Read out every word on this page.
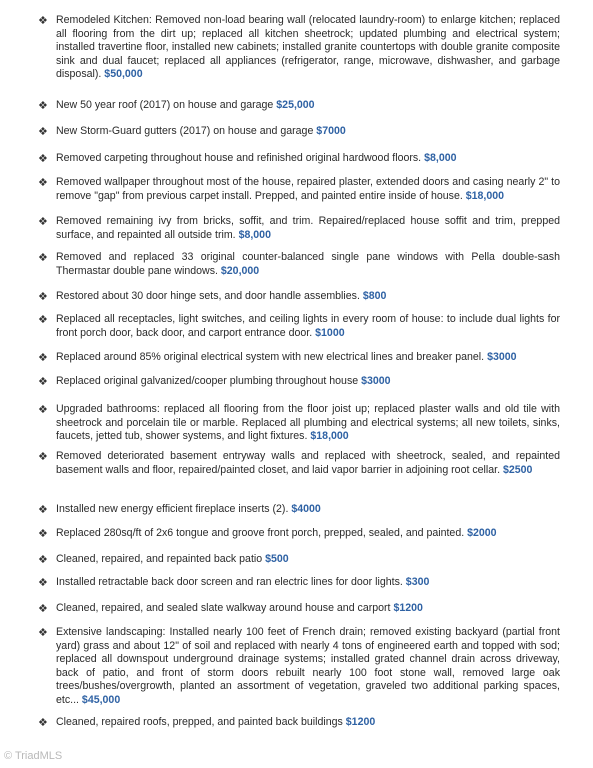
❖ Remodeled Kitchen: Removed non-load bearing wall (relocated laundry-room) to enlarge kitchen; replaced all flooring from the dirt up; replaced all kitchen sheetrock; updated plumbing and electrical system; installed travertine floor, installed new cabinets; installed granite countertops with double granite composite sink and dual faucet; replaced all appliances (refrigerator, range, microwave, dishwasher, and garbage disposal). $50,000
❖ New 50 year roof (2017) on house and garage $25,000
❖ New Storm-Guard gutters (2017) on house and garage $7000
❖ Removed carpeting throughout house and refinished original hardwood floors. $8,000
❖ Removed wallpaper throughout most of the house, repaired plaster, extended doors and casing nearly 2" to remove "gap" from previous carpet install. Prepped, and painted entire inside of house. $18,000
❖ Removed remaining ivy from bricks, soffit, and trim. Repaired/replaced house soffit and trim, prepped surface, and repainted all outside trim. $8,000
❖ Removed and replaced 33 original counter-balanced single pane windows with Pella double-sash Thermastar double pane windows. $20,000
❖ Restored about 30 door hinge sets, and door handle assemblies. $800
❖ Replaced all receptacles, light switches, and ceiling lights in every room of house: to include dual lights for front porch door, back door, and carport entrance door. $1000
❖ Replaced around 85% original electrical system with new electrical lines and breaker panel. $3000
❖ Replaced original galvanized/cooper plumbing throughout house $3000
❖ Upgraded bathrooms: replaced all flooring from the floor joist up; replaced plaster walls and old tile with sheetrock and porcelain tile or marble. Replaced all plumbing and electrical systems; all new toilets, sinks, faucets, jetted tub, shower systems, and light fixtures. $18,000
❖ Removed deteriorated basement entryway walls and replaced with sheetrock, sealed, and repainted basement walls and floor, repaired/painted closet, and laid vapor barrier in adjoining root cellar. $2500
❖ Installed new energy efficient fireplace inserts (2). $4000
❖ Replaced 280sq/ft of 2x6 tongue and groove front porch, prepped, sealed, and painted. $2000
❖ Cleaned, repaired, and repainted back patio $500
❖ Installed retractable back door screen and ran electric lines for door lights. $300
❖ Cleaned, repaired, and sealed slate walkway around house and carport $1200
❖ Extensive landscaping: Installed nearly 100 feet of French drain; removed existing backyard (partial front yard) grass and about 12" of soil and replaced with nearly 4 tons of engineered earth and topped with sod; replaced all downspout underground drainage systems; installed grated channel drain across driveway, back of patio, and front of storm doors rebuilt nearly 100 foot stone wall, removed large oak trees/bushes/overgrowth, planted an assortment of vegetation, graveled two additional parking spaces, etc... $45,000
❖ Cleaned, repaired roofs, prepped, and painted back buildings $1200
© TriadMLS
